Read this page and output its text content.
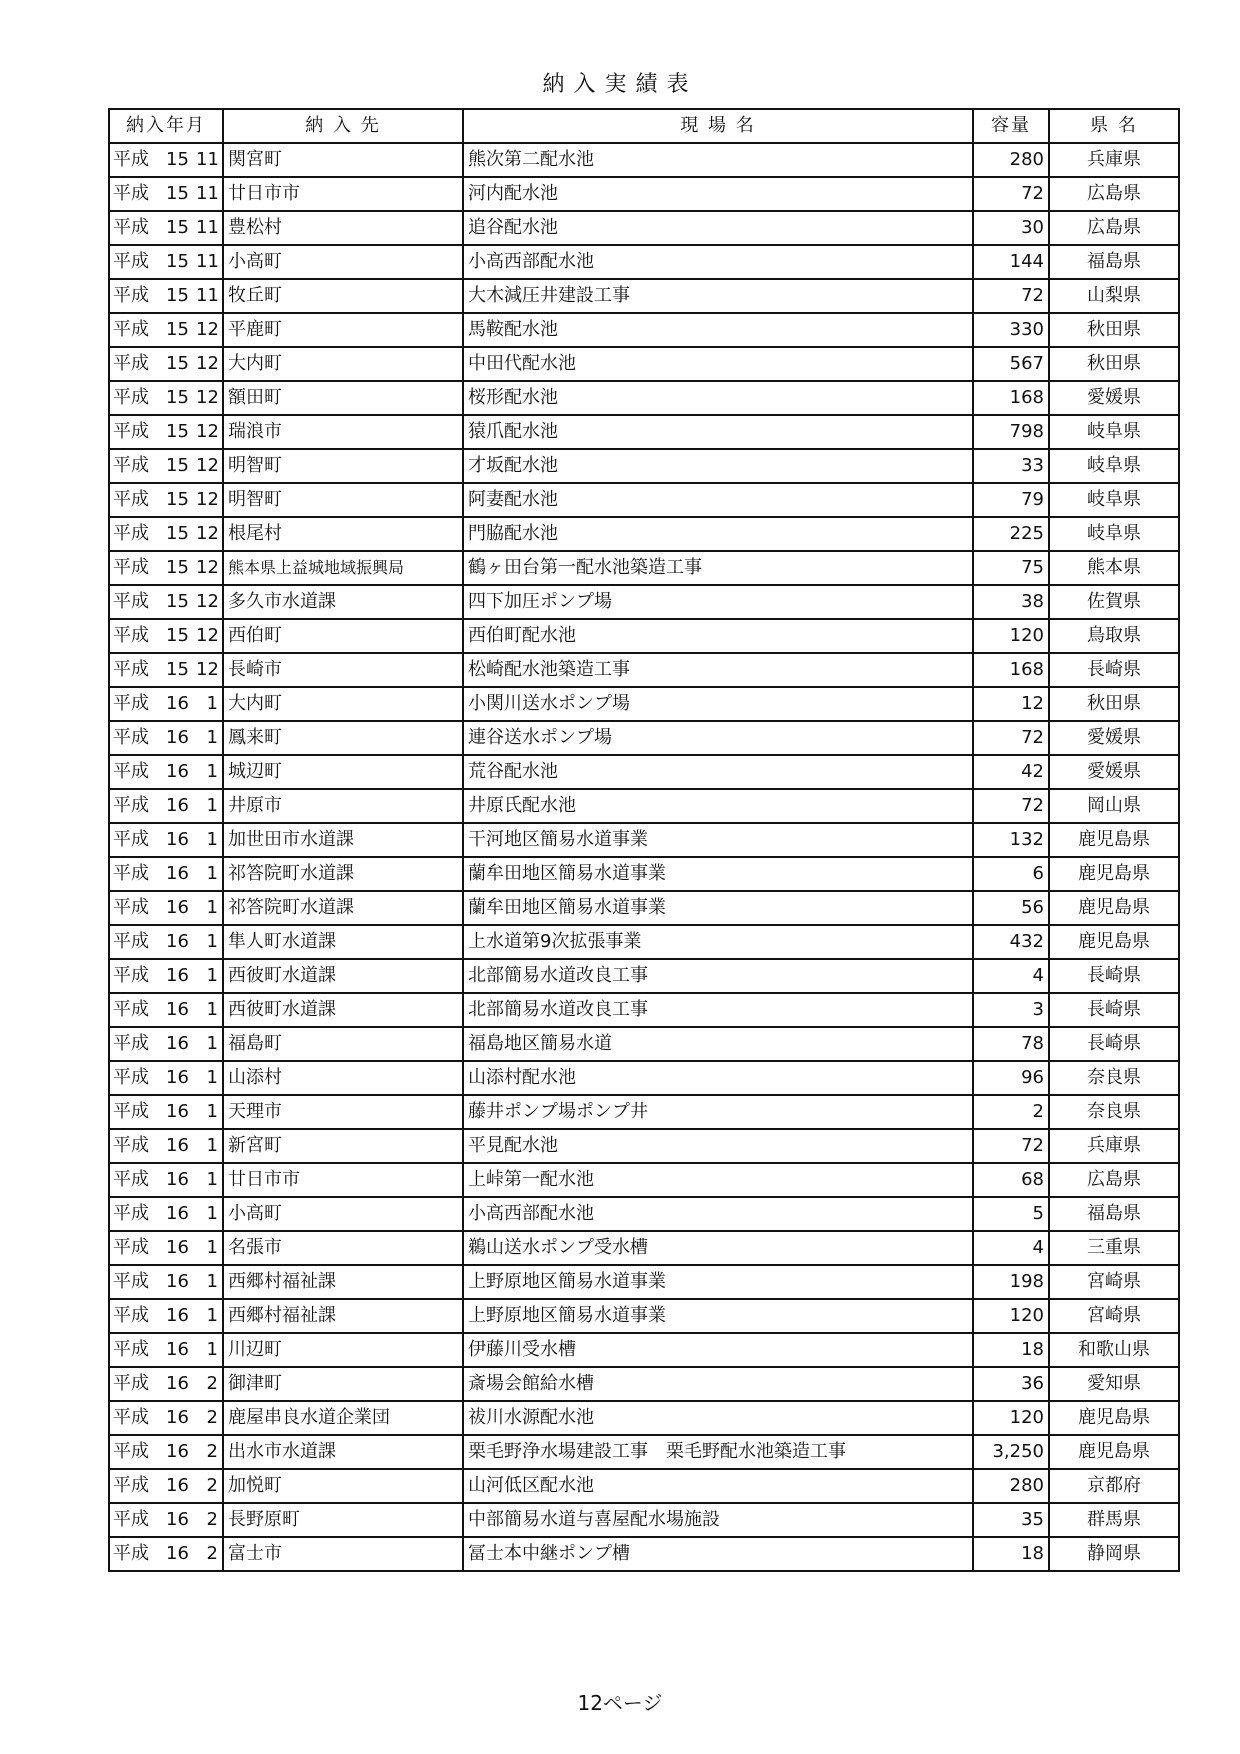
納入実績表
納入年月	納 入 先	現 場 名	容量	県 名

平成 15 11	関宮町	熊次第二配水池	280	兵庫県

平成 15 11	廿日市市	河内配水池	72	広島県

平成 15 11	豊松村	追谷配水池	30	広島県

平成 15 11	小高町	小高西部配水池	144	福島県

平成 15 11	牧丘町	大木減圧井建設工事	72	山梨県

平成 15 12	平鹿町	馬鞍配水池	330	秋田県

平成 15 12	大内町	中田代配水池	567	秋田県

平成 15 12	額田町	桜形配水池	168	愛媛県

平成 15 12	瑞浪市	猿爪配水池	798	岐阜県

平成 15 12	明智町	才坂配水池	33	岐阜県

平成 15 12	明智町	阿妻配水池	79	岐阜県

平成 15 12	根尾村	門脇配水池	225	岐阜県

平成 15 12	熊本県上益城地域振興局	鶴ヶ田台第一配水池築造工事	75	熊本県

平成 15 12	多久市水道課	四下加圧ポンプ場	38	佐賀県

平成 15 12	西伯町	西伯町配水池	120	鳥取県

平成 15 12	長崎市	松崎配水池築造工事	168	長崎県

平成 16 1	大内町	小関川送水ポンプ場	12	秋田県

平成 16 1	鳳来町	連谷送水ポンプ場	72	愛媛県

平成 16 1	城辺町	荒谷配水池	42	愛媛県

平成 16 1	井原市	井原氏配水池	72	岡山県

平成 16 1	加世田市水道課	干河地区簡易水道事業	132	鹿児島県

平成 16 1	祁答院町水道課	蘭牟田地区簡易水道事業	6	鹿児島県

平成 16 1	祁答院町水道課	蘭牟田地区簡易水道事業	56	鹿児島県

平成 16 1	隼人町水道課	上水道第9次拡張事業	432	鹿児島県

平成 16 1	西彼町水道課	北部簡易水道改良工事	4	長崎県

平成 16 1	西彼町水道課	北部簡易水道改良工事	3	長崎県

平成 16 1	福島町	福島地区簡易水道	78	長崎県

平成 16 1	山添村	山添村配水池	96	奈良県

平成 16 1	天理市	藤井ポンプ場ポンプ井	2	奈良県

平成 16 1	新宮町	平見配水池	72	兵庫県

平成 16 1	廿日市市	上峠第一配水池	68	広島県

平成 16 1	小高町	小高西部配水池	5	福島県

平成 16 1	名張市	鵜山送水ポンプ受水槽	4	三重県

平成 16 1	西郷村福祉課	上野原地区簡易水道事業	198	宮崎県

平成 16 1	西郷村福祉課	上野原地区簡易水道事業	120	宮崎県

平成 16 1	川辺町	伊藤川受水槽	18	和歌山県

平成 16 2	御津町	斎場会館給水槽	36	愛知県

平成 16 2	鹿屋串良水道企業団	祓川水源配水池	120	鹿児島県

平成 16 2	出水市水道課	栗毛野浄水場建設工事　栗毛野配水池築造工事	3,250	鹿児島県

平成 16 2	加悦町	山河低区配水池	280	京都府

平成 16 2	長野原町	中部簡易水道与喜屋配水場施設	35	群馬県

平成 16 2	富士市	冨士本中継ポンプ槽	18	静岡県
12ページ
